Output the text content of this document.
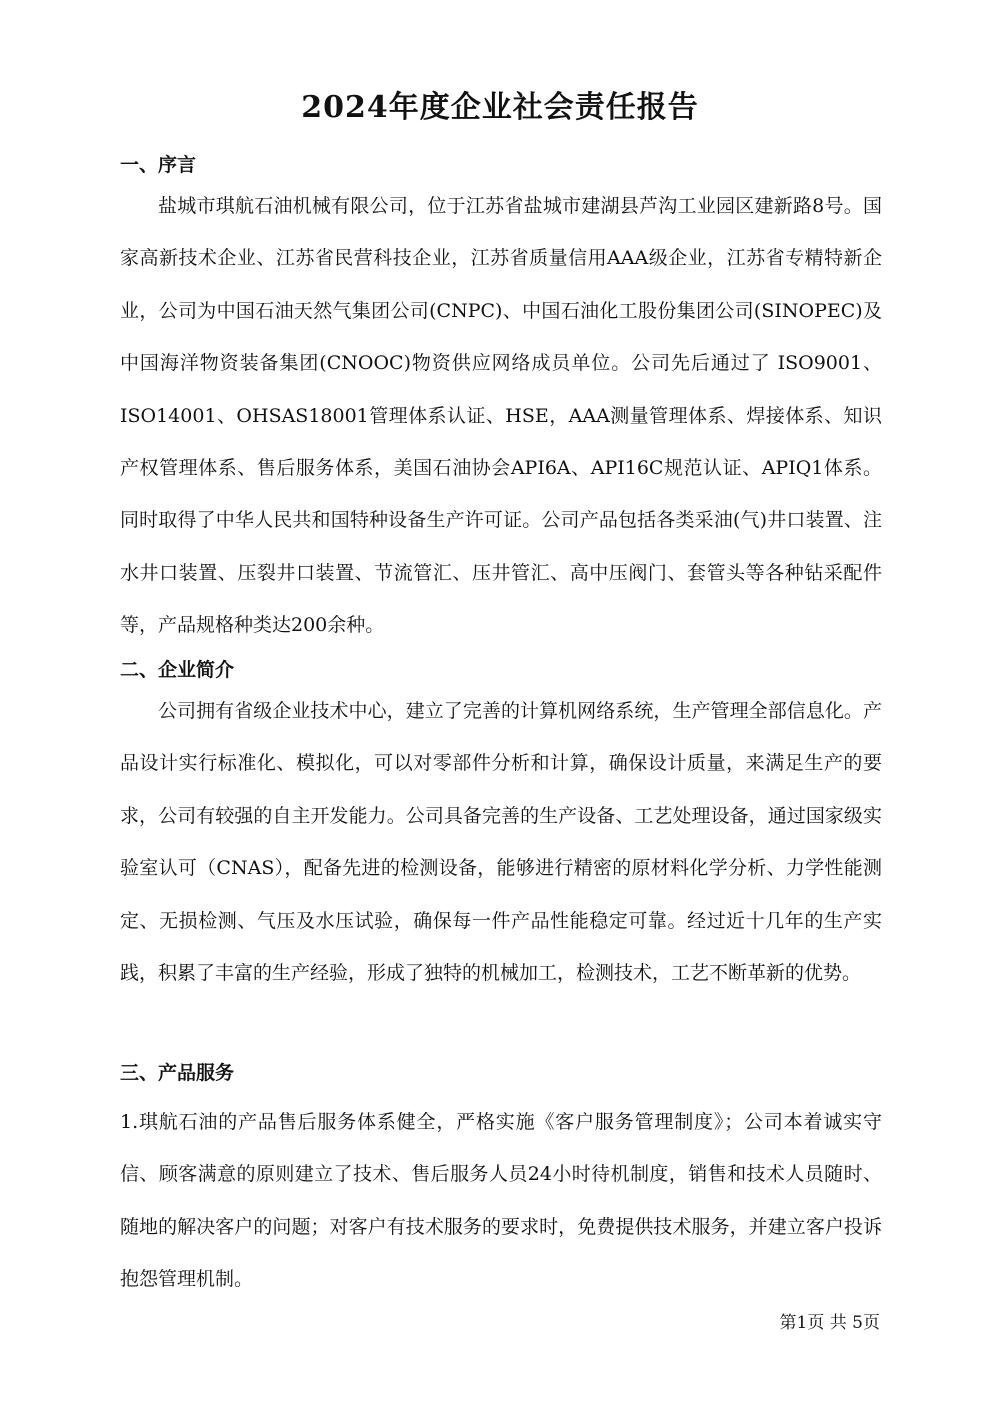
2024年度企业社会责任报告
一、序言

盐城市琪航石油机械有限公司，位于江苏省盐城市建湖县芦沟工业园区建新路8号。国家高新技术企业、江苏省民营科技企业，江苏省质量信用AAA级企业，江苏省专精特新企业，公司为中国石油天然气集团公司(CNPC)、中国石油化工股份集团公司(SINOPEC)及中国海洋物资装备集团(CNOOC)物资供应网络成员单位。公司先后通过了 ISO9001、ISO14001、OHSAS18001管理体系认证、HSE，AAA测量管理体系、焊接体系、知识产权管理体系、售后服务体系，美国石油协会API6A、API16C规范认证、APIQ1体系。同时取得了中华人民共和国特种设备生产许可证。公司产品包括各类采油(气)井口装置、注水井口装置、压裂井口装置、节流管汇、压井管汇、高中压阀门、套管头等各种钻采配件等，产品规格种类达200余种。

二、企业简介

公司拥有省级企业技术中心，建立了完善的计算机网络系统，生产管理全部信息化。产品设计实行标准化、模拟化，可以对零部件分析和计算，确保设计质量，来满足生产的要求，公司有较强的自主开发能力。公司具备完善的生产设备、工艺处理设备，通过国家级实验室认可（CNAS），配备先进的检测设备，能够进行精密的原材料化学分析、力学性能测定、无损检测、气压及水压试验，确保每一件产品性能稳定可靠。经过近十几年的生产实践，积累了丰富的生产经验，形成了独特的机械加工，检测技术，工艺不断革新的优势。

三、产品服务

1.琪航石油的产品售后服务体系健全，严格实施《客户服务管理制度》；公司本着诚实守信、顾客满意的原则建立了技术、售后服务人员24小时待机制度，销售和技术人员随时、随地的解决客户的问题；对客户有技术服务的要求时，免费提供技术服务，并建立客户投诉抱怨管理机制。

第1页 共 5页
